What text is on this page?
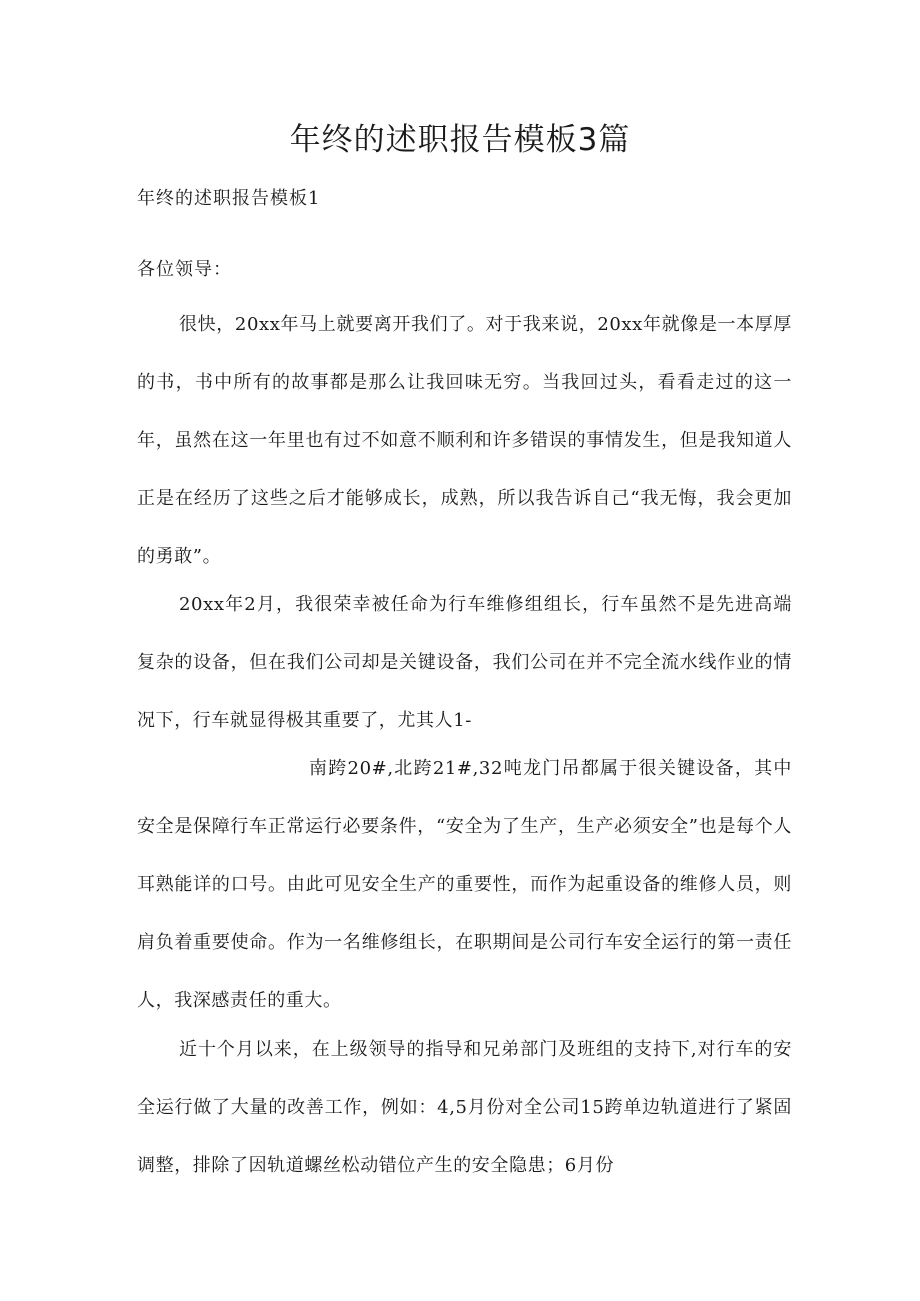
年终的述职报告模板3篇

年终的述职报告模板1

各位领导：

很快，20xx年马上就要离开我们了。对于我来说，20xx年就像是一本厚厚的书，书中所有的故事都是那么让我回味无穷。当我回过头，看看走过的这一年，虽然在这一年里也有过不如意不顺利和许多错误的事情发生，但是我知道人正是在经历了这些之后才能够成长，成熟，所以我告诉自己“我无悔，我会更加的勇敢”。

20xx年2月，我很荣幸被任命为行车维修组组长，行车虽然不是先进高端复杂的设备，但在我们公司却是关键设备，我们公司在并不完全流水线作业的情况下，行车就显得极其重要了，尤其人1-

南跨20#,北跨21#,32吨龙门吊都属于很关键设备，其中安全是保障行车正常运行必要条件，“安全为了生产，生产必须安全”也是每个人耳熟能详的口号。由此可见安全生产的重要性，而作为起重设备的维修人员，则肩负着重要使命。作为一名维修组长，在职期间是公司行车安全运行的第一责任人，我深感责任的重大。

近十个月以来，在上级领导的指导和兄弟部门及班组的支持下,对行车的安全运行做了大量的改善工作，例如：4,5月份对全公司15跨单边轨道进行了紧固调整，排除了因轨道螺丝松动错位产生的安全隐患；6月份
